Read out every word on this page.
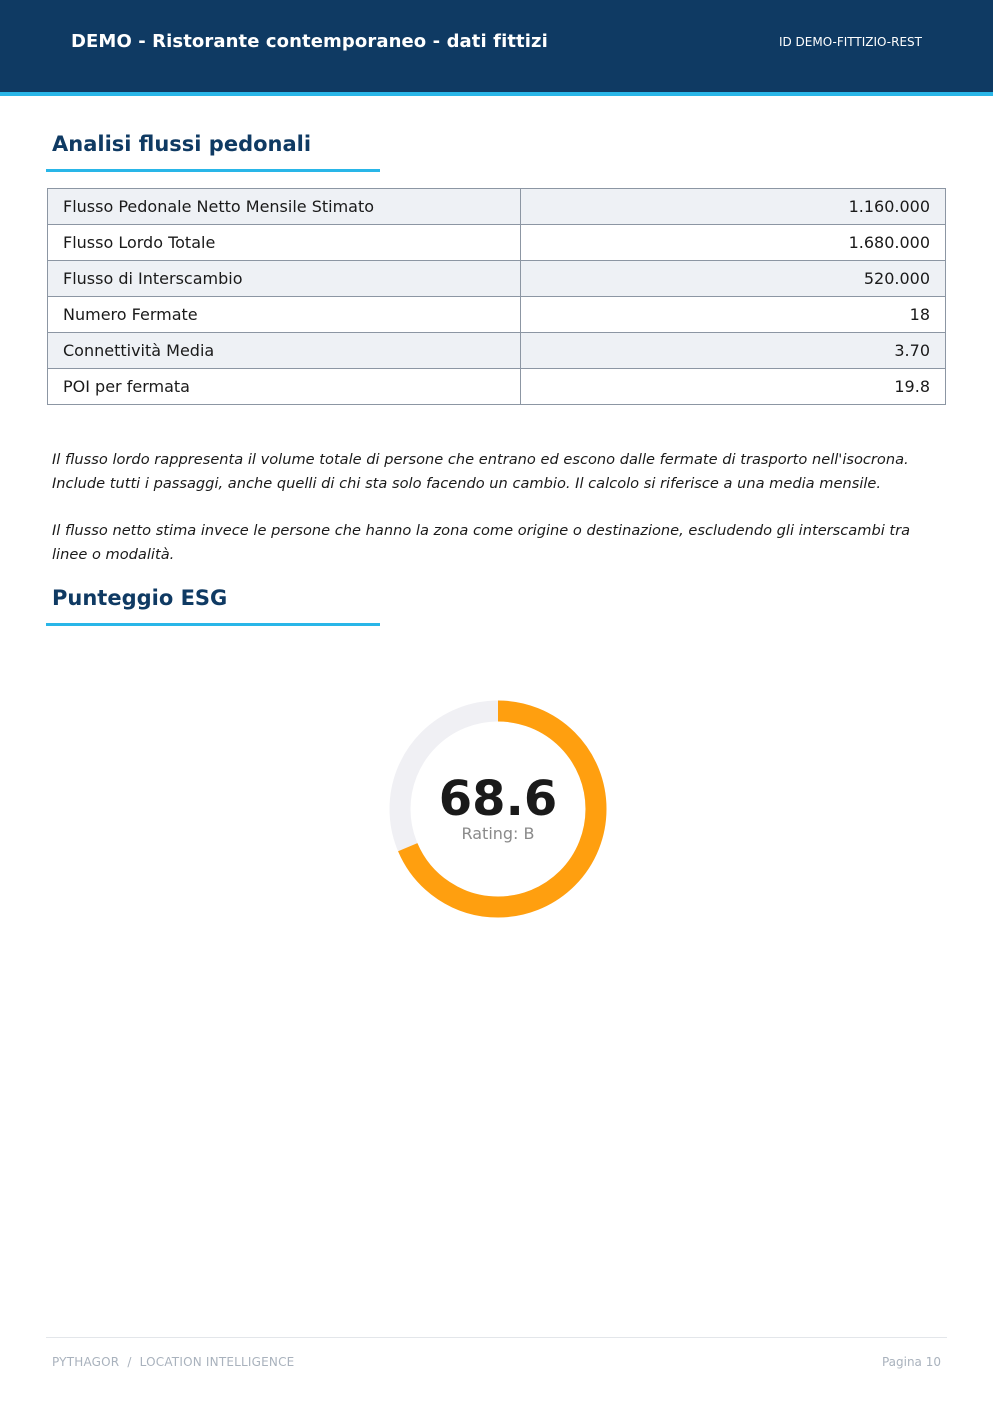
DEMO - Ristorante contemporaneo - dati fittizi	ID DEMO-FITTIZIO-REST
Analisi flussi pedonali
Flusso Pedonale Netto Mensile Stimato	1.160.000
Flusso Lordo Totale	1.680.000
Flusso di Interscambio	520.000
Numero Fermate	18
Connettività Media	3.70
POI per fermata	19.8

Il flusso lordo rappresenta il volume totale di persone che entrano ed escono dalle fermate di trasporto nell'isocrona. Include tutti i passaggi, anche quelli di chi sta solo facendo un cambio. Il calcolo si riferisce a una media mensile.

Il flusso netto stima invece le persone che hanno la zona come origine o destinazione, escludendo gli interscambi tra linee o modalità.

Punteggio ESG
68.6
Rating: B
PYTHAGOR  /  LOCATION INTELLIGENCE	Pagina 10
